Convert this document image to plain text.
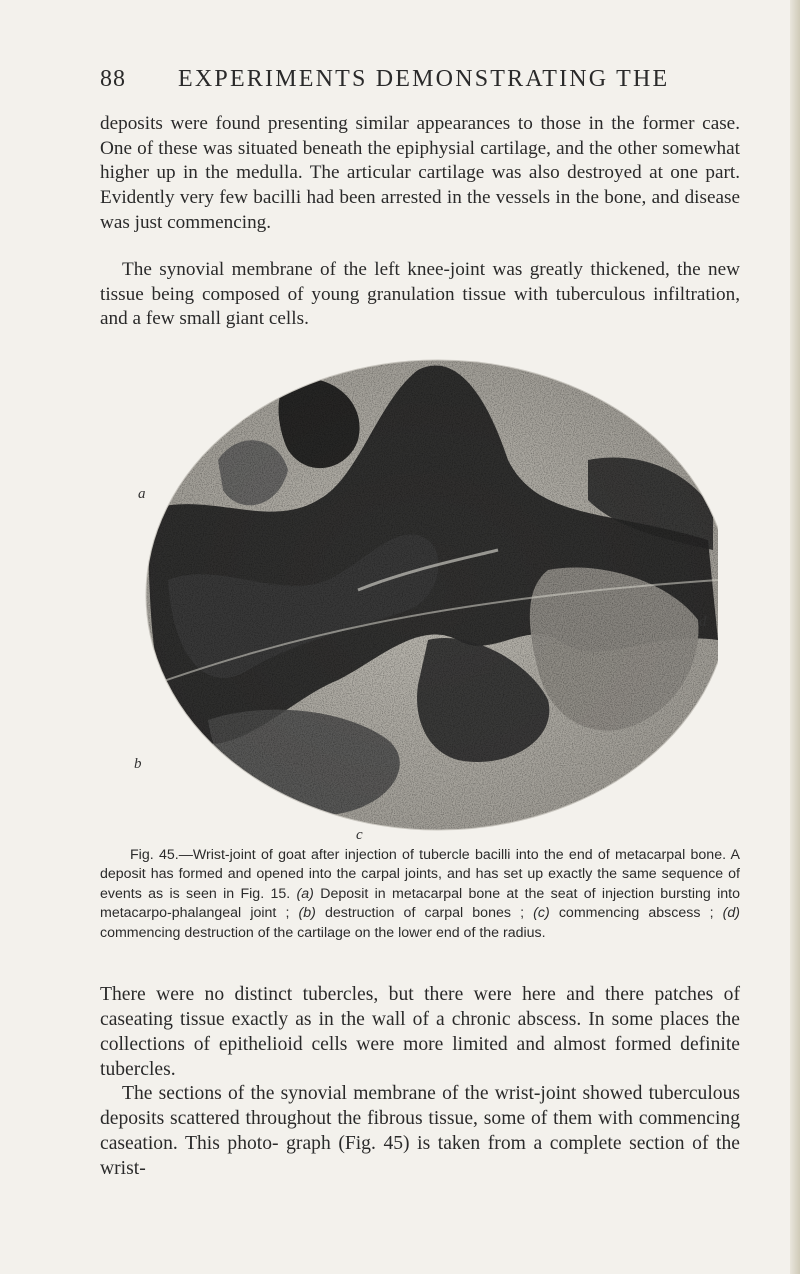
88 EXPERIMENTS DEMONSTRATING THE

deposits were found presenting similar appearances to those in the former case. One of these was situated beneath the epiphysial cartilage, and the other somewhat higher up in the medulla. The articular cartilage was also destroyed at one part. Evidently very few bacilli had been arrested in the vessels in the bone, and disease was just commencing.

The synovial membrane of the left knee-joint was greatly thickened, the new tissue being composed of young granulation tissue with tuberculous infiltration, and a few small giant cells.

a
b
d
c

Fig. 45.—Wrist-joint of goat after injection of tubercle bacilli into the end of metacarpal bone. A deposit has formed and opened into the carpal joints, and has set up exactly the same sequence of events as is seen in Fig. 15. (a) Deposit in metacarpal bone at the seat of injection bursting into metacarpo-phalangeal joint ; (b) destruction of carpal bones ; (c) commencing abscess ; (d) commencing destruction of the cartilage on the lower end of the radius.

There were no distinct tubercles, but there were here and there patches of caseating tissue exactly as in the wall of a chronic abscess. In some places the collections of epithelioid cells were more limited and almost formed definite tubercles.

The sections of the synovial membrane of the wrist-joint showed tuberculous deposits scattered throughout the fibrous tissue, some of them with commencing caseation. This photo- graph (Fig. 45) is taken from a complete section of the wrist-
